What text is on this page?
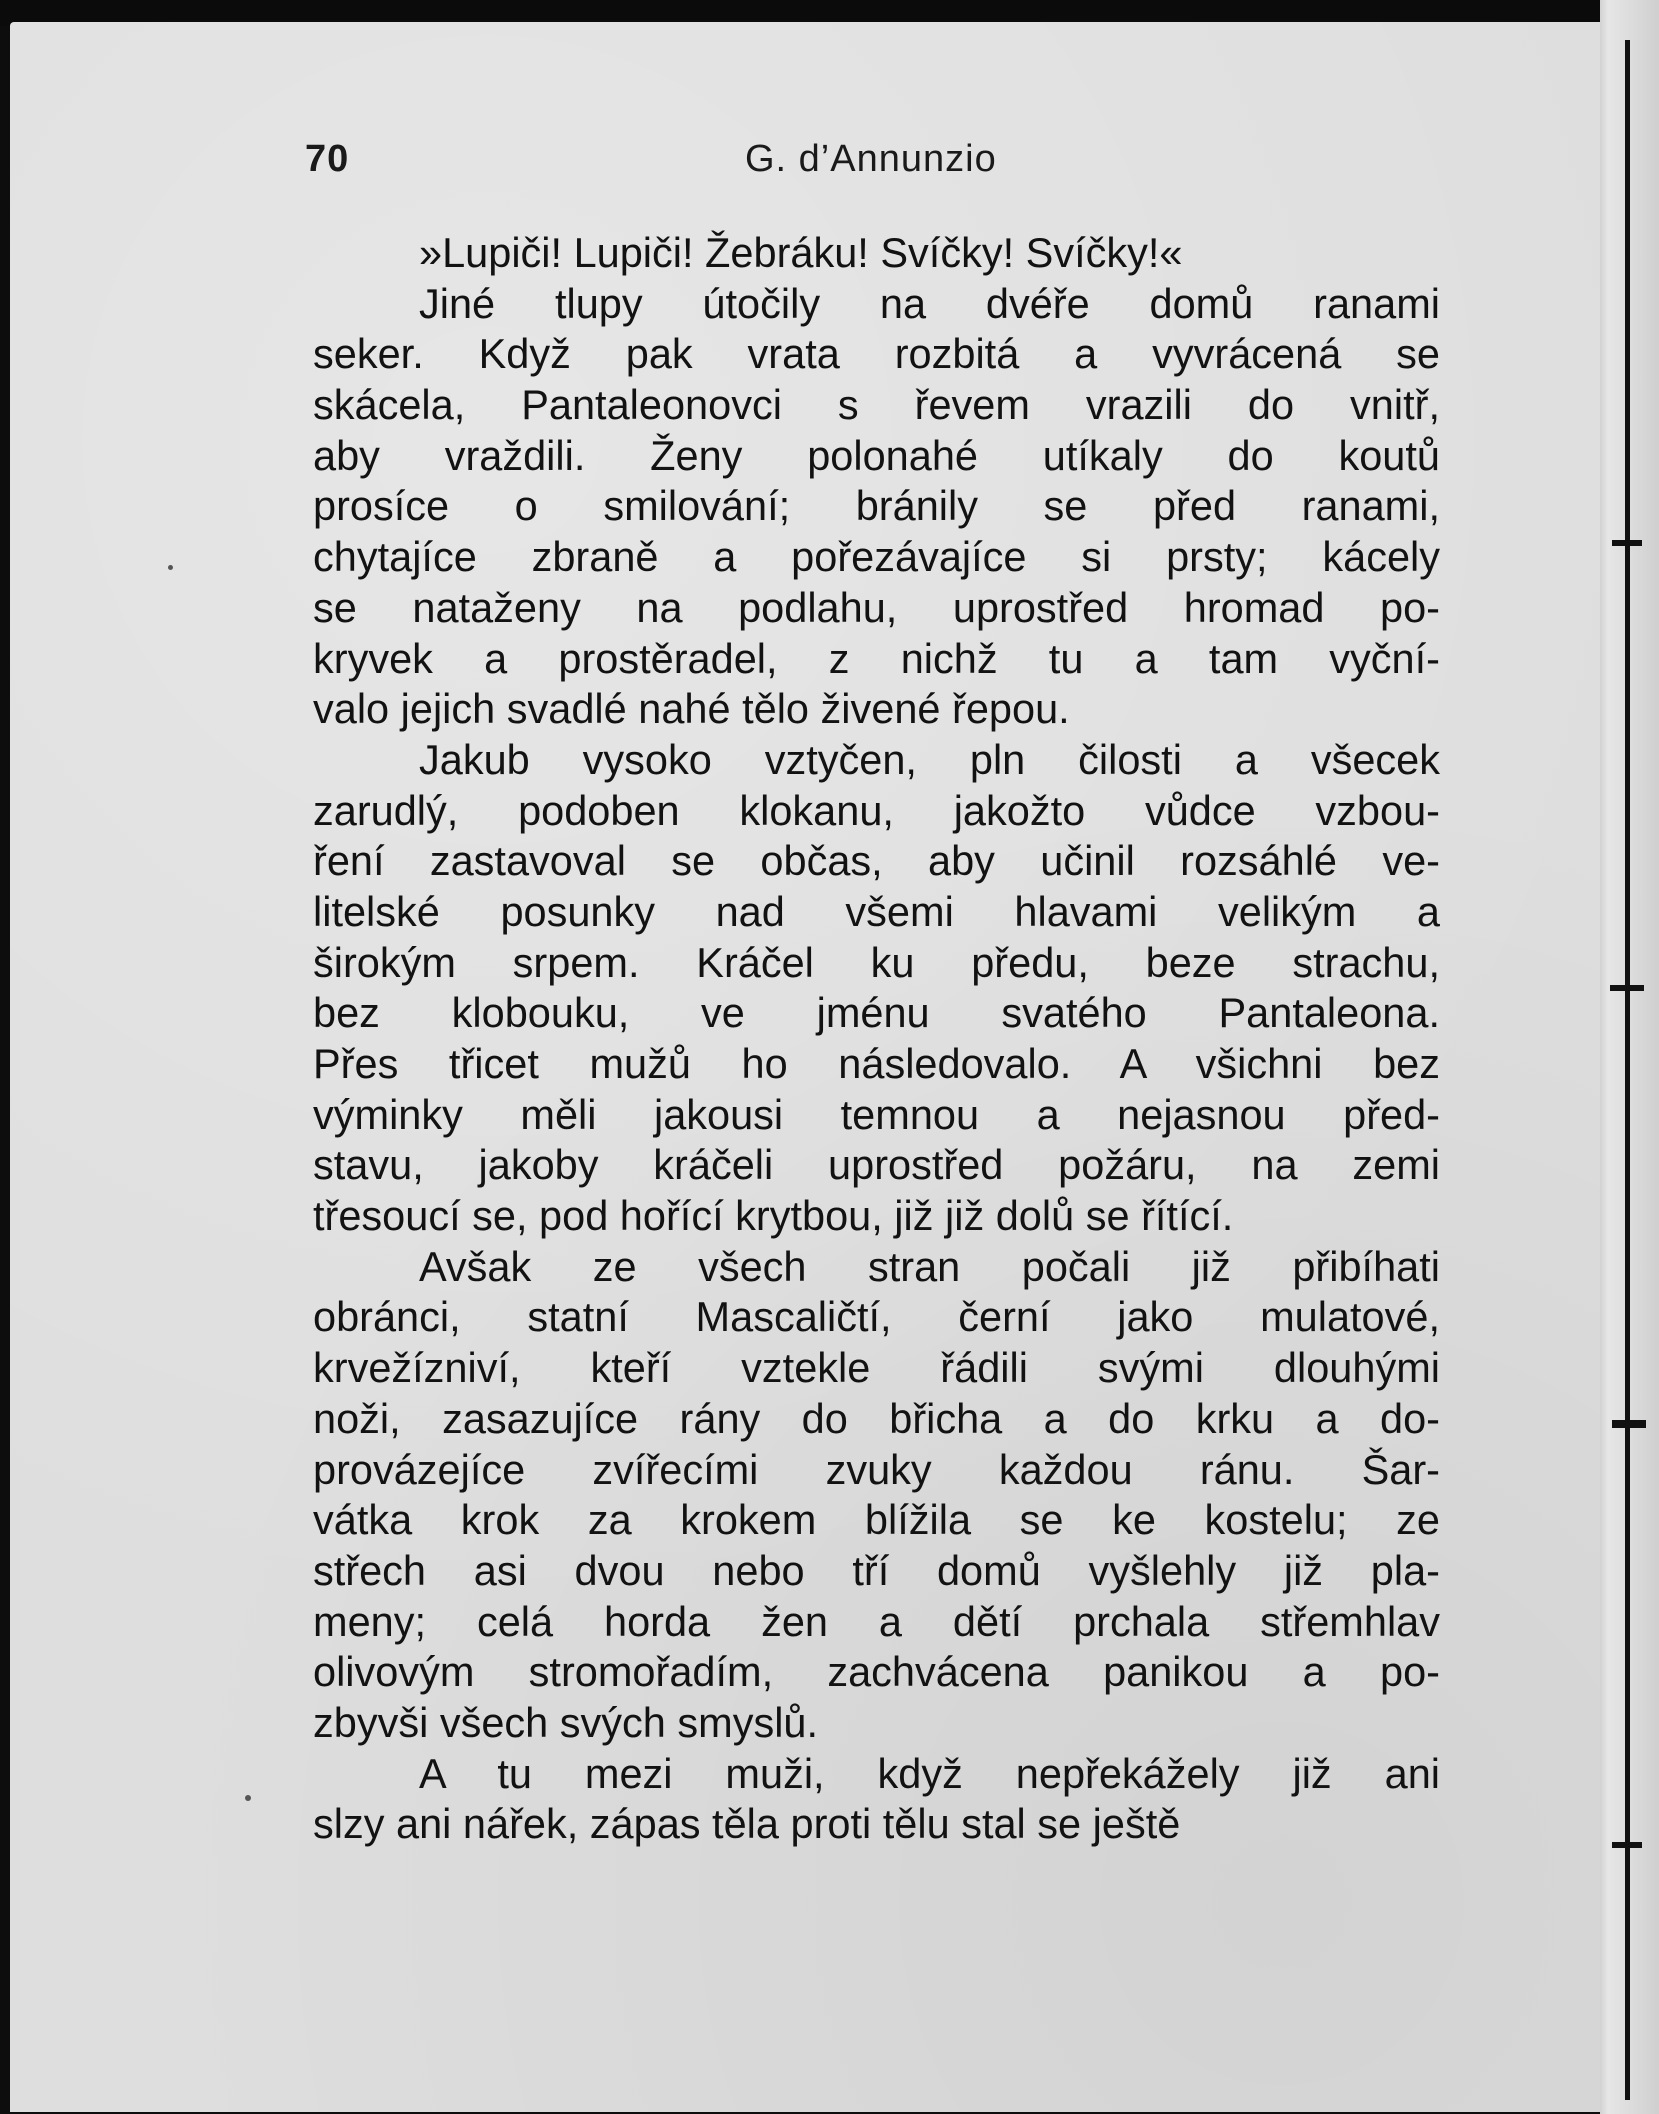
70	G. d’Annunzio
»Lupiči! Lupiči! Žebráku! Svíčky! Svíčky!«
Jiné tlupy útočily na dvéře domů ranami
seker. Když pak vrata rozbitá a vyvrácená se
skácela, Pantaleonovci s řevem vrazili do vnitř,
aby vraždili. Ženy polonahé utíkaly do koutů
prosíce o smilování; bránily se před ranami,
chytajíce zbraně a pořezávajíce si prsty; kácely
se nataženy na podlahu, uprostřed hromad po-
kryvek a prostěradel, z nichž tu a tam vyční-
valo jejich svadlé nahé tělo živené řepou.
Jakub vysoko vztyčen, pln čilosti a všecek
zarudlý, podoben klokanu, jakožto vůdce vzbou-
ření zastavoval se občas, aby učinil rozsáhlé ve-
litelské posunky nad všemi hlavami velikým a
širokým srpem. Kráčel ku předu, beze strachu,
bez klobouku, ve jménu svatého Pantaleona.
Přes třicet mužů ho následovalo. A všichni bez
výminky měli jakousi temnou a nejasnou před-
stavu, jakoby kráčeli uprostřed požáru, na zemi
třesoucí se, pod hořící krytbou, již již dolů se řítící.
Avšak ze všech stran počali již přibíhati
obránci, statní Mascaličtí, černí jako mulatové,
krvežízniví, kteří vztekle řádili svými dlouhými
noži, zasazujíce rány do břicha a do krku a do-
provázejíce zvířecími zvuky každou ránu. Šar-
vátka krok za krokem blížila se ke kostelu; ze
střech asi dvou nebo tří domů vyšlehly již pla-
meny; celá horda žen a dětí prchala střemhlav
olivovým stromořadím, zachvácena panikou a po-
zbyvši všech svých smyslů.
A tu mezi muži, když nepřekážely již ani
slzy ani nářek, zápas těla proti tělu stal se ještě
